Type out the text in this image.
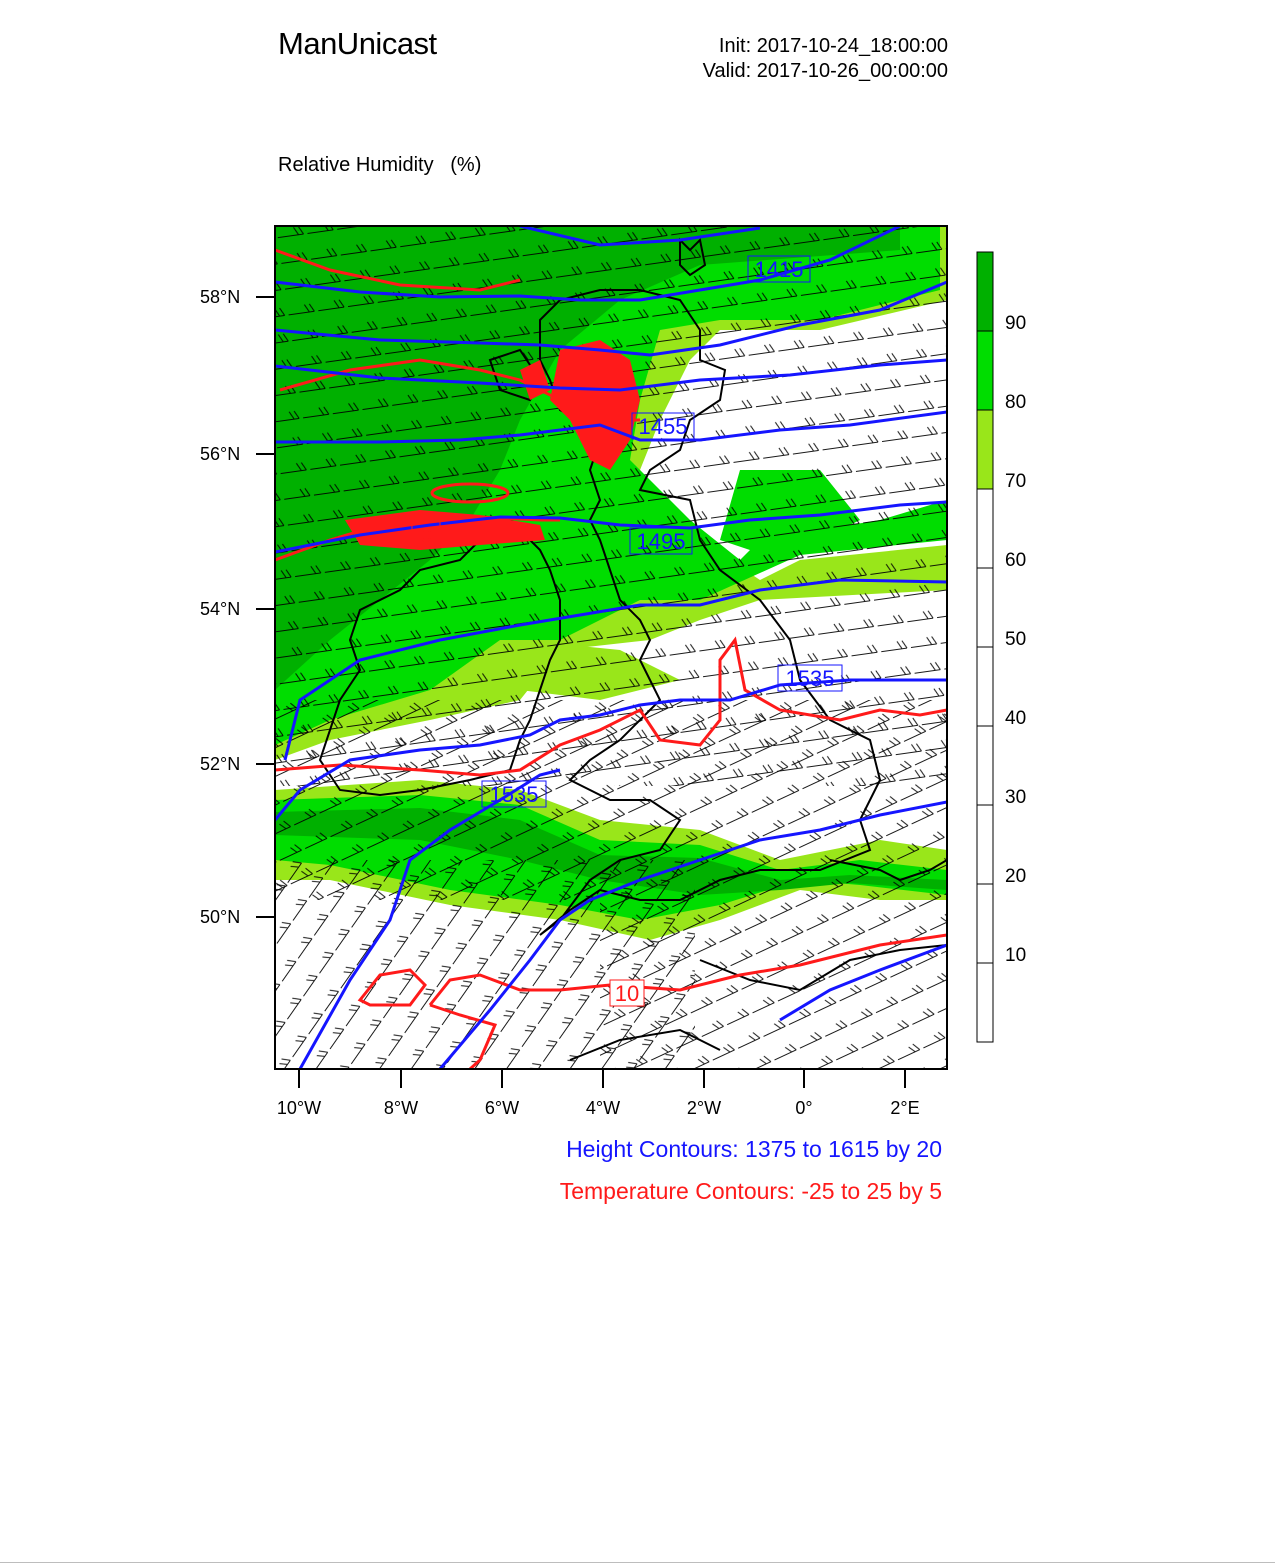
ManUnicast	Init: 2017-10-24_18:00:00
Valid: 2017-10-26_00:00:00

Relative Humidity   (%)

1415
1455
1495
1535
1535
10
0
58°N
56°N
54°N
52°N
50°N
10°W	8°W	6°W	4°W	2°W	0°	2°E
90
80
70
60
50
40
30
20
10
Height Contours: 1375 to 1615 by 20
Temperature Contours: -25 to 25 by 5
